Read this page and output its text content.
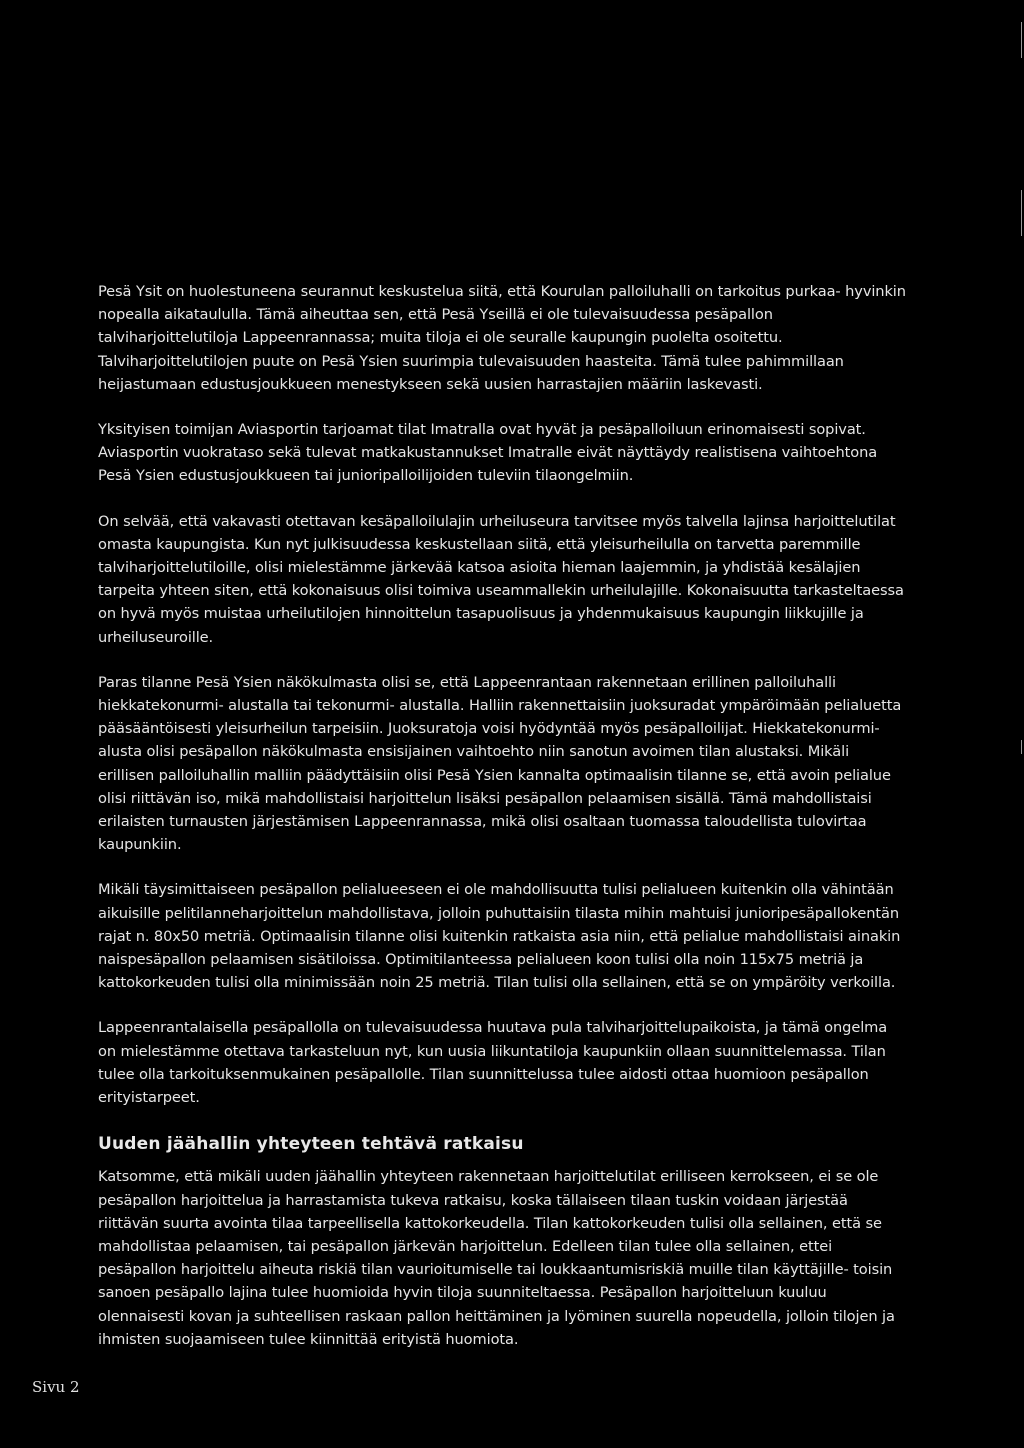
Pesä Ysit on huolestuneena seurannut keskustelua siitä, että Kourulan palloiluhalli on tarkoitus purkaa- hyvinkin nopealla aikataululla. Tämä aiheuttaa sen, että Pesä Yseillä ei ole tulevaisuudessa pesäpallon talviharjoittelutiloja Lappeenrannassa; muita tiloja ei ole seuralle kaupungin puolelta osoitettu. Talviharjoittelutilojen puute on Pesä Ysien suurimpia tulevaisuuden haasteita. Tämä tulee pahimmillaan heijastumaan edustusjoukkueen menestykseen sekä uusien harrastajien määriin laskevasti.

Yksityisen toimijan Aviasportin tarjoamat tilat Imatralla ovat hyvät ja pesäpalloiluun erinomaisesti sopivat. Aviasportin vuokrataso sekä tulevat matkakustannukset Imatralle eivät näyttäydy realistisena vaihtoehtona Pesä Ysien edustusjoukkueen tai junioripalloilijoiden tuleviin tilaongelmiin.

On selvää, että vakavasti otettavan kesäpalloilulajin urheiluseura tarvitsee myös talvella lajinsa harjoittelutilat omasta kaupungista. Kun nyt julkisuudessa keskustellaan siitä, että yleisurheilulla on tarvetta paremmille talviharjoittelutiloille, olisi mielestämme järkevää katsoa asioita hieman laajemmin, ja yhdistää kesälajien tarpeita yhteen siten, että kokonaisuus olisi toimiva useammallekin urheilulajille. Kokonaisuutta tarkasteltaessa on hyvä myös muistaa urheilutilojen hinnoittelun tasapuolisuus ja yhdenmukaisuus kaupungin liikkujille ja urheiluseuroille.

Paras tilanne Pesä Ysien näkökulmasta olisi se, että Lappeenrantaan rakennetaan erillinen palloiluhalli hiekkatekonurmi- alustalla tai tekonurmi- alustalla. Halliin rakennettaisiin juoksuradat ympäröimään pelialuetta pääsääntöisesti yleisurheilun tarpeisiin. Juoksuratoja voisi hyödyntää myös pesäpalloilijat. Hiekkatekonurmi- alusta olisi pesäpallon näkökulmasta ensisijainen vaihtoehto niin sanotun avoimen tilan alustaksi. Mikäli erillisen palloiluhallin malliin päädyttäisiin olisi Pesä Ysien kannalta optimaalisin tilanne se, että avoin pelialue olisi riittävän iso, mikä mahdollistaisi harjoittelun lisäksi pesäpallon pelaamisen sisällä. Tämä mahdollistaisi erilaisten turnausten järjestämisen Lappeenrannassa, mikä olisi osaltaan tuomassa taloudellista tulovirtaa kaupunkiin.

Mikäli täysimittaiseen pesäpallon pelialueeseen ei ole mahdollisuutta tulisi pelialueen kuitenkin olla vähintään aikuisille pelitilanneharjoittelun mahdollistava, jolloin puhuttaisiin tilasta mihin mahtuisi junioripesäpallokentän rajat n. 80x50 metriä. Optimaalisin tilanne olisi kuitenkin ratkaista asia niin, että pelialue mahdollistaisi ainakin naispesäpallon pelaamisen sisätiloissa. Optimitilanteessa pelialueen koon tulisi olla noin 115x75 metriä ja kattokorkeuden tulisi olla minimissään noin 25 metriä. Tilan tulisi olla sellainen, että se on ympäröity verkoilla.

Lappeenrantalaisella pesäpallolla on tulevaisuudessa huutava pula talviharjoittelupaikoista, ja tämä ongelma on mielestämme otettava tarkasteluun nyt, kun uusia liikuntatiloja kaupunkiin ollaan suunnittelemassa. Tilan tulee olla tarkoituksenmukainen pesäpallolle. Tilan suunnittelussa tulee aidosti ottaa huomioon pesäpallon erityistarpeet.

Uuden jäähallin yhteyteen tehtävä ratkaisu

Katsomme, että mikäli uuden jäähallin yhteyteen rakennetaan harjoittelutilat erilliseen kerrokseen, ei se ole pesäpallon harjoittelua ja harrastamista tukeva ratkaisu, koska tällaiseen tilaan tuskin voidaan järjestää riittävän suurta avointa tilaa tarpeellisella kattokorkeudella. Tilan kattokorkeuden tulisi olla sellainen, että se mahdollistaa pelaamisen, tai pesäpallon järkevän harjoittelun. Edelleen tilan tulee olla sellainen, ettei pesäpallon harjoittelu aiheuta riskiä tilan vaurioitumiselle tai loukkaantumisriskiä muille tilan käyttäjille- toisin sanoen pesäpallo lajina tulee huomioida hyvin tiloja suunniteltaessa. Pesäpallon harjoitteluun kuuluu olennaisesti kovan ja suhteellisen raskaan pallon heittäminen ja lyöminen suurella nopeudella, jolloin tilojen ja ihmisten suojaamiseen tulee kiinnittää erityistä huomiota.

Sivu 2
